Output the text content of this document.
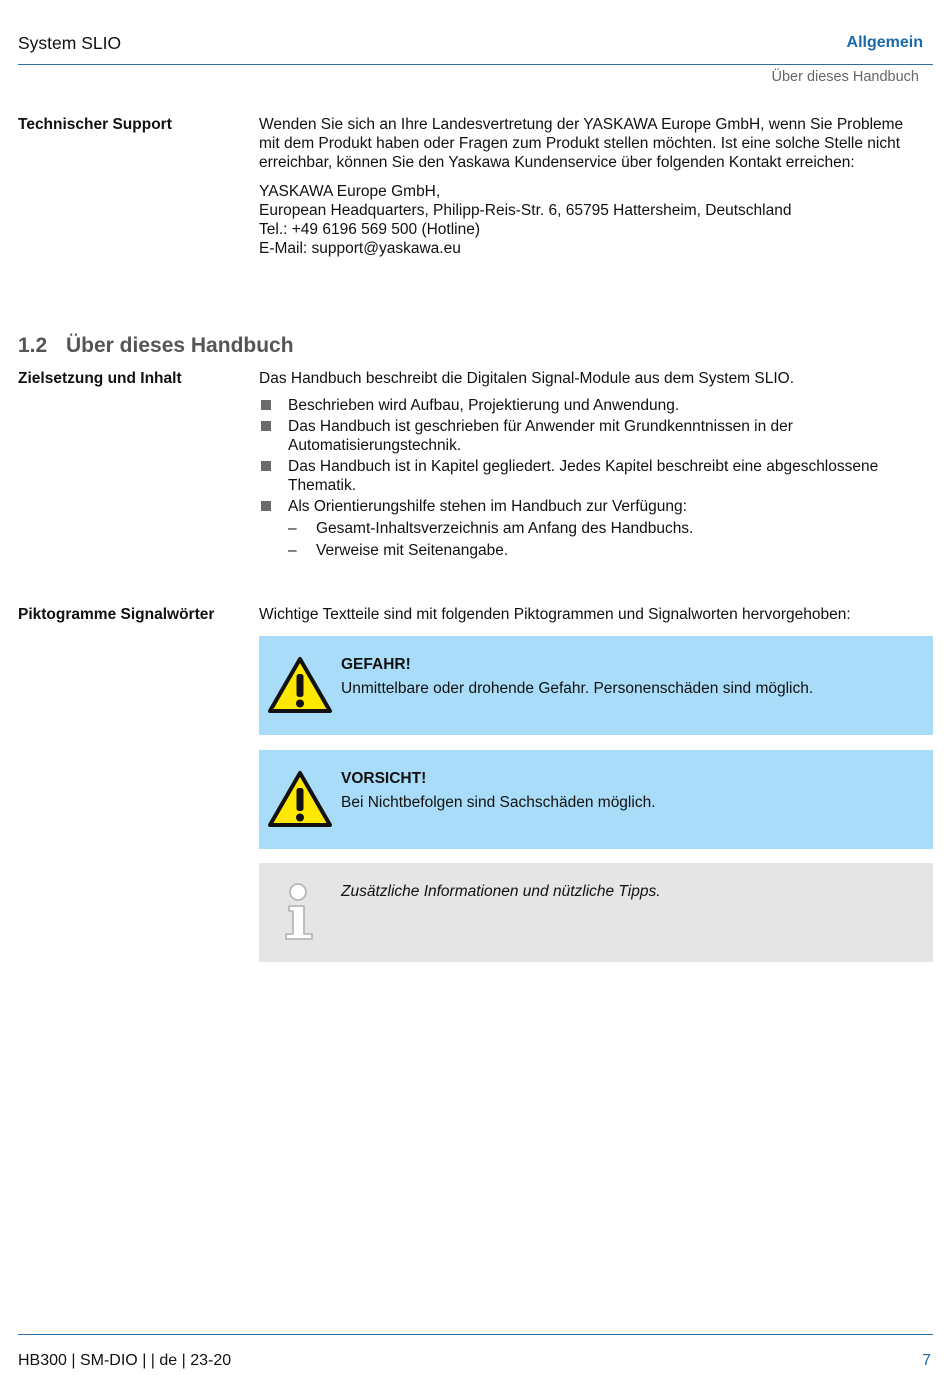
System SLIO	Allgemein
Über dieses Handbuch
Technischer Support	Wenden Sie sich an Ihre Landesvertretung der YASKAWA Europe GmbH, wenn Sie Probleme mit dem Produkt haben oder Fragen zum Produkt stellen möchten. Ist eine solche Stelle nicht erreichbar, können Sie den Yaskawa Kundenservice über folgenden Kontakt erreichen:

YASKAWA Europe GmbH,
European Headquarters, Philipp-Reis-Str. 6, 65795 Hattersheim, Deutschland
Tel.: +49 6196 569 500 (Hotline)
E-Mail: support@yaskawa.eu

1.2 Über dieses Handbuch
Zielsetzung und Inhalt	Das Handbuch beschreibt die Digitalen Signal-Module aus dem System SLIO.

Beschrieben wird Aufbau, Projektierung und Anwendung.
Das Handbuch ist geschrieben für Anwender mit Grundkenntnissen in der Automatisierungstechnik.
Das Handbuch ist in Kapitel gegliedert. Jedes Kapitel beschreibt eine abgeschlossene Thematik.
Als Orientierungshilfe stehen im Handbuch zur Verfügung:
– Gesamt-Inhaltsverzeichnis am Anfang des Handbuchs.
– Verweise mit Seitenangabe.
Piktogramme Signalwörter	Wichtige Textteile sind mit folgenden Piktogrammen und Signalworten hervorgehoben:
GEFAHR!
Unmittelbare oder drohende Gefahr. Personenschäden sind möglich.
VORSICHT!
Bei Nichtbefolgen sind Sachschäden möglich.
Zusätzliche Informationen und nützliche Tipps.
HB300 | SM-DIO | | de | 23-20	7
